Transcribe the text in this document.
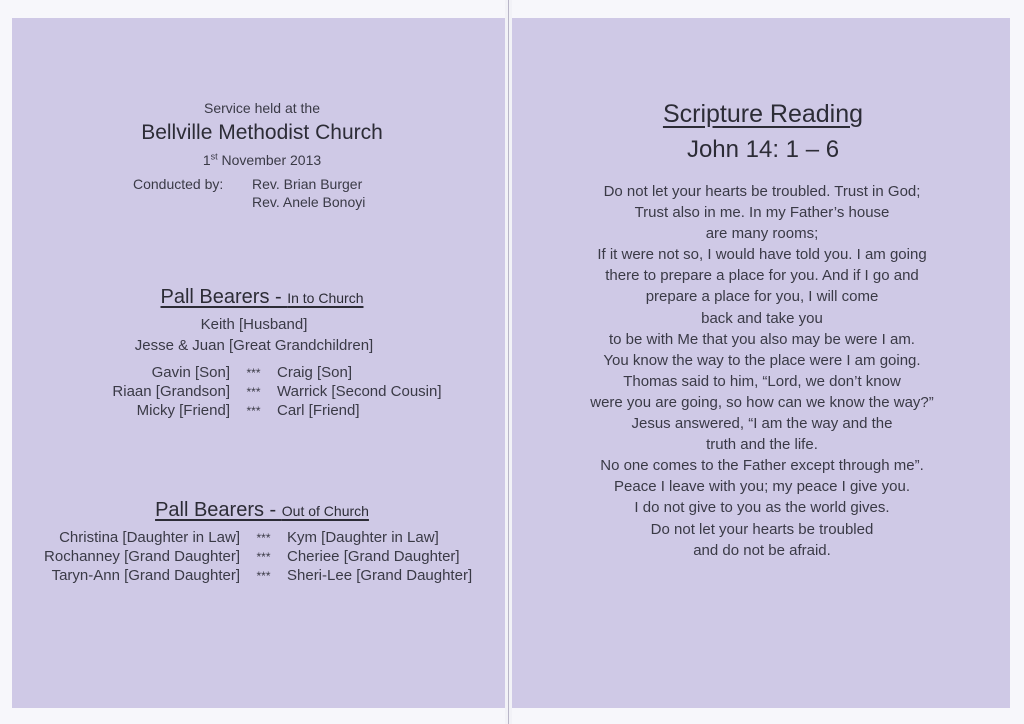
Service held at the
Bellville Methodist Church
1st November 2013
Conducted by: Rev. Brian Burger
Rev. Anele Bonoyi
Pall Bearers - In to Church
Keith [Husband]
Jesse & Juan [Great Grandchildren]
Gavin [Son]	***	Craig [Son]
Riaan [Grandson]	***	Warrick [Second Cousin]
Micky [Friend]	***	Carl [Friend]
Pall Bearers - Out of Church
Christina [Daughter in Law]	***	Kym [Daughter in Law]
Rochanney [Grand Daughter]	***	Cheriee [Grand Daughter]
Taryn-Ann [Grand Daughter]	***	Sheri-Lee [Grand Daughter]
Scripture Reading
John 14: 1 – 6
Do not let your hearts be troubled. Trust in God;
Trust also in me. In my Father’s house
are many rooms;
If it were not so, I would have told you. I am going
there to prepare a place for you. And if I go and
prepare a place for you, I will come
back and take you
to be with Me that you also may be were I am.
You know the way to the place were I am going.
Thomas said to him, “Lord, we don’t know
were you are going, so how can we know the way?”
Jesus answered, “I am the way and the
truth and the life.
No one comes to the Father except through me”.
Peace I leave with you; my peace I give you.
I do not give to you as the world gives.
Do not let your hearts be troubled
and do not be afraid.
